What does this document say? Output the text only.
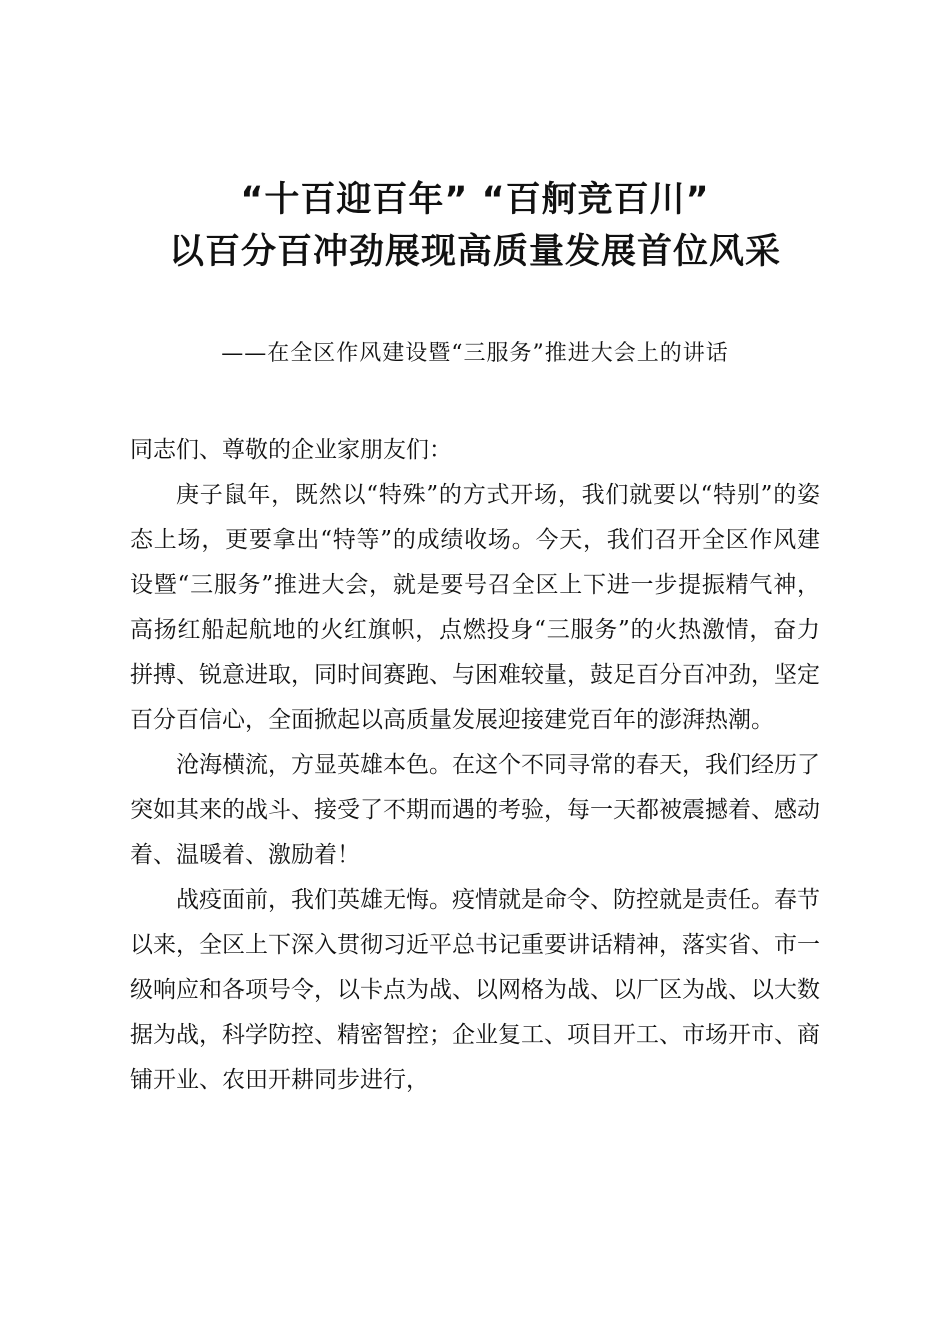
“十百迎百年” “百舸竞百川”
以百分百冲劲展现高质量发展首位风采
——在全区作风建设暨“三服务”推进大会上的讲话

同志们、尊敬的企业家朋友们：

庚子鼠年，既然以“特殊”的方式开场，我们就要以“特别”的姿态上场，更要拿出“特等”的成绩收场。今天，我们召开全区作风建设暨“三服务”推进大会，就是要号召全区上下进一步提振精气神，高扬红船起航地的火红旗帜，点燃投身“三服务”的火热激情，奋力拼搏、锐意进取，同时间赛跑、与困难较量，鼓足百分百冲劲，坚定百分百信心，全面掀起以高质量发展迎接建党百年的澎湃热潮。

沧海横流，方显英雄本色。在这个不同寻常的春天，我们经历了突如其来的战斗、接受了不期而遇的考验，每一天都被震撼着、感动着、温暖着、激励着！

战疫面前，我们英雄无悔。疫情就是命令、防控就是责任。春节以来，全区上下深入贯彻习近平总书记重要讲话精神，落实省、市一级响应和各项号令，以卡点为战、以网格为战、以厂区为战、以大数据为战，科学防控、精密智控；企业复工、项目开工、市场开市、商铺开业、农田开耕同步进行，
